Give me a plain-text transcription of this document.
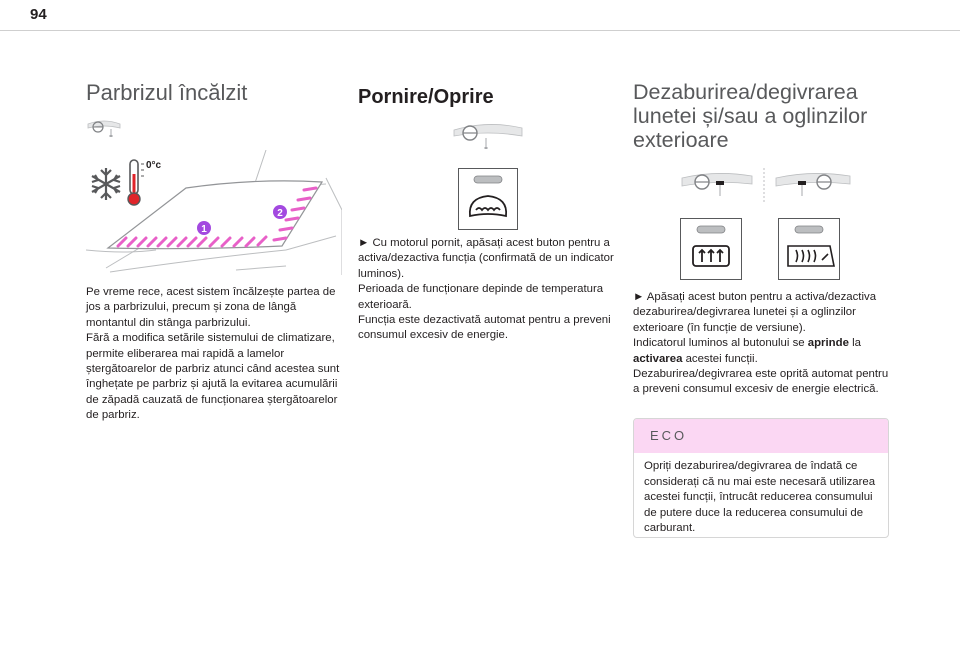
94
Parbrizul încălzit
0°c
1
2

Pe vreme rece, acest sistem încălzește partea de jos a parbrizului, precum și zona de lângă montantul din stânga parbrizului.
Fără a modifica setările sistemului de climatizare, permite eliberarea mai rapidă a lamelor ștergătoarelor de parbriz atunci când acestea sunt înghețate pe parbriz și ajută la evitarea acumulării de zăpadă cauzată de funcționarea ștergătoarelor de parbriz.

Pornire/Oprire

► Cu motorul pornit, apăsați acest buton pentru a activa/dezactiva funcția (confirmată de un indicator luminos).
Perioada de funcționare depinde de temperatura exterioară.
Funcția este dezactivată automat pentru a preveni consumul excesiv de energie.

Dezaburirea/degivrarea lunetei și/sau a oglinzilor exterioare

► Apăsați acest buton pentru a activa/dezactiva dezaburirea/degivrarea lunetei și a oglinzilor exterioare (în funcție de versiune).

Indicatorul luminos al butonului se aprinde la activarea acestei funcții.

Dezaburirea/degivrarea este oprită automat pentru a preveni consumul excesiv de energie electrică.

ECO
Opriți dezaburirea/degivrarea de îndată ce considerați că nu mai este necesară utilizarea acestei funcții, întrucât reducerea consumului de putere duce la reducerea consumului de carburant.
